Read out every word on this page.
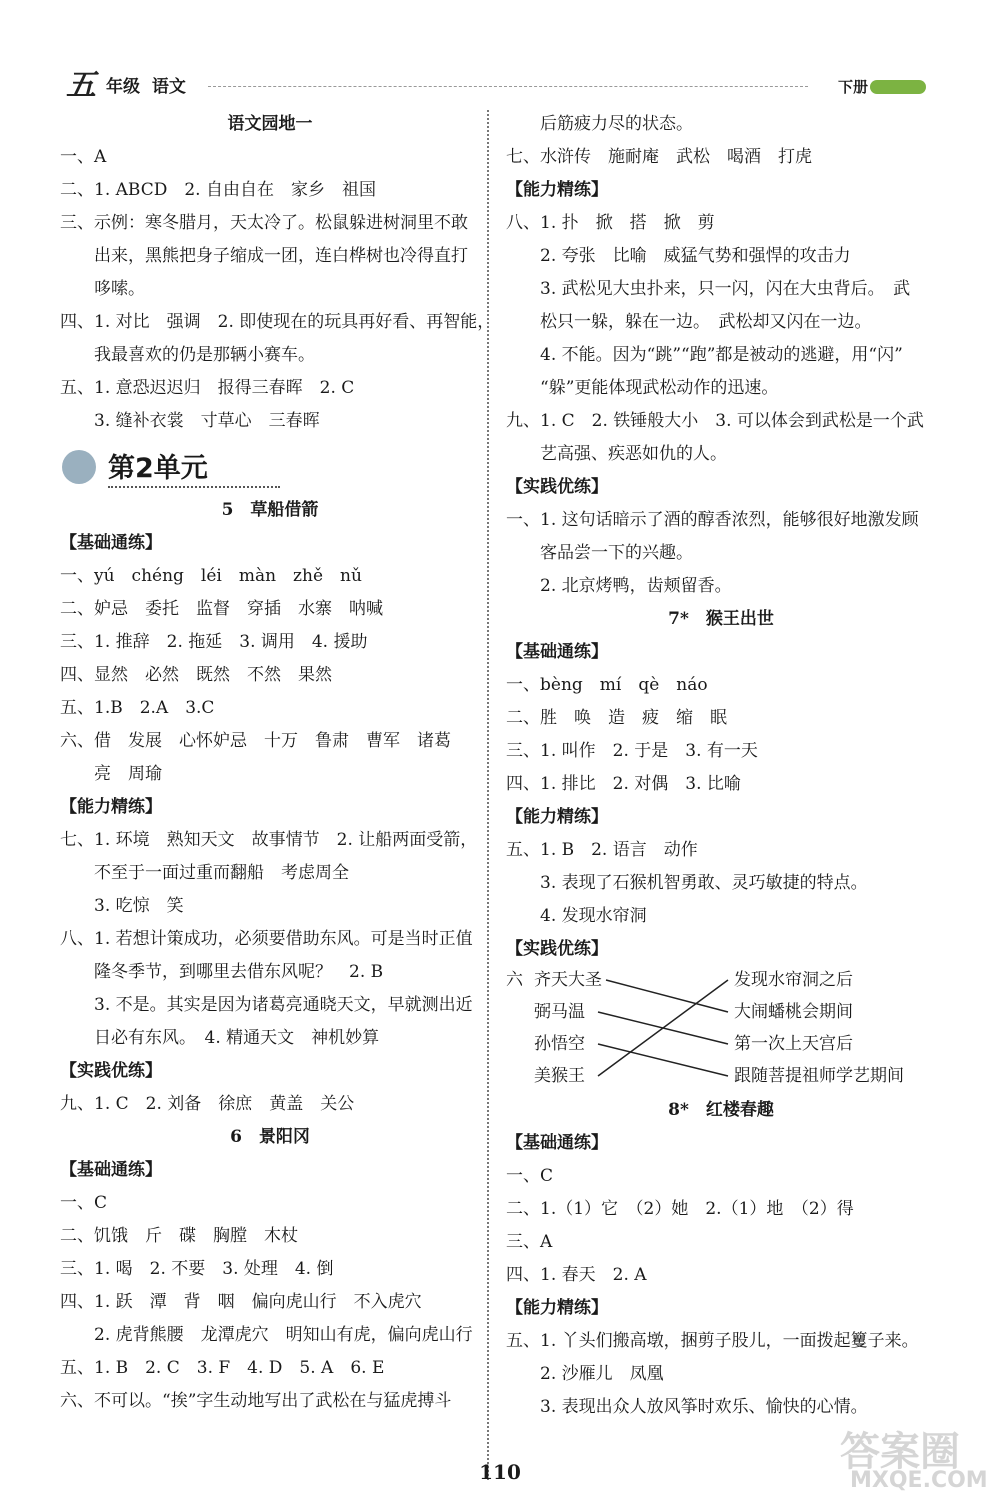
五 年级 语文	下册
语文园地一
一、A
二、1. ABCD　2. 自由自在　家乡　祖国
三、示例：寒冬腊月，天太冷了。松鼠躲进树洞里不敢
出来，黑熊把身子缩成一团，连白桦树也冷得直打
哆嗦。
四、1. 对比　强调　2. 即使现在的玩具再好看、再智能，
我最喜欢的仍是那辆小赛车。
五、1. 意恐迟迟归　报得三春晖　2. C
3. 缝补衣裳　寸草心　三春晖
第2单元
5　草船借箭
【基础通练】
一、yú　chéng　léi　màn　zhě　nǔ
二、妒忌　委托　监督　穿插　水寨　呐喊
三、1. 推辞　2. 拖延　3. 调用　4. 援助
四、显然　必然　既然　不然　果然
五、1.B　2.A　3.C
六、借　发展　心怀妒忌　十万　鲁肃　曹军　诸葛
亮　周瑜
【能力精练】
七、1. 环境　熟知天文　故事情节　2. 让船两面受箭，
不至于一面过重而翻船　考虑周全
3. 吃惊　笑
八、1. 若想计策成功，必须要借助东风。可是当时正值
隆冬季节，到哪里去借东风呢？　2. B
3. 不是。其实是因为诸葛亮通晓天文，早就测出近
日必有东风。　4. 精通天文　神机妙算
【实践优练】
九、1. C　2. 刘备　徐庶　黄盖　关公
6　景阳冈
【基础通练】
一、C
二、饥饿　斤　碟　胸膛　木杖
三、1. 喝　2. 不要　3. 处理　4. 倒
四、1. 跃　潭　背　咽　偏向虎山行　不入虎穴
2. 虎背熊腰　龙潭虎穴　明知山有虎，偏向虎山行
五、1. B　2. C　3. F　4. D　5. A　6. E
六、不可以。“挨”字生动地写出了武松在与猛虎搏斗
后筋疲力尽的状态。
七、水浒传　施耐庵　武松　喝酒　打虎
【能力精练】
八、1. 扑　掀　搭　掀　剪
2. 夸张　比喻　威猛气势和强悍的攻击力
3. 武松见大虫扑来，只一闪，闪在大虫背后。　武
松只一躲，躲在一边。　武松却又闪在一边。
4. 不能。因为“跳”“跑”都是被动的逃避，用“闪”
“躲”更能体现武松动作的迅速。
九、1. C　2. 铁锤般大小　3. 可以体会到武松是一个武
艺高强、疾恶如仇的人。
【实践优练】
一、1. 这句话暗示了酒的醇香浓烈，能够很好地激发顾
客品尝一下的兴趣。
2. 北京烤鸭，齿颊留香。
7*　猴王出世
【基础通练】
一、bèng　mí　qè　náo
二、胜　唤　造　疲　缩　眠
三、1. 叫作　2. 于是　3. 有一天
四、1. 排比　2. 对偶　3. 比喻
【能力精练】
五、1. B　2. 语言　动作
3. 表现了石猴机智勇敢、灵巧敏捷的特点。
4. 发现水帘洞
【实践优练】
六 齐天大圣
弼马温
孙悟空
美猴王
发现水帘洞之后
大闹蟠桃会期间
第一次上天宫后
跟随菩提祖师学艺期间
8*　红楼春趣
【基础通练】
一、C
二、1.（1）它　（2）她　2.（1）地　（2）得
三、A
四、1. 春天　2. A
【能力精练】
五、1. 丫头们搬高墩，捆剪子股儿，一面拨起籰子来。
2. 沙雁儿　凤凰
3. 表现出众人放风筝时欢乐、愉快的心情。
110	答案圈
MXQE.COM
